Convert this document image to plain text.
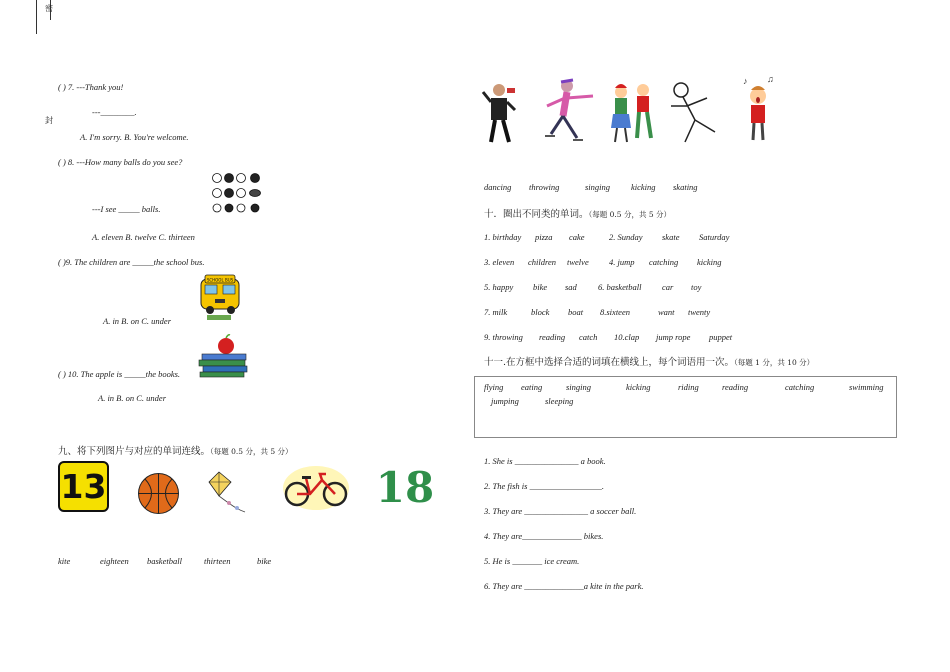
密
封
( ) 7. ---Thank you!
---________.
A. I'm sorry. B. You're welcome.
( ) 8. ---How many balls do you see?
---I see _____ balls.
A. eleven B. twelve C. thirteen
( )9. The children are _____the school bus.
SCHOOL BUS
A. in B. on C. under
( ) 10. The apple is _____the books.
A. in B. on C. under
九、将下列图片与对应的单词连线。（每题 0.5 分，共 5 分）
13	18
kite	eighteen basketball	thirteen	bike
♪ ♫
dancing throwing	singing kicking skating
十．圈出不同类的单词。（每题 0.5 分，共 5 分）
1. birthday pizza cake	2. Sunday skate Saturday
3. eleven children twelve 4. jump catching kicking
5. happy bike sad 6. basketball car toy
7. milk	block boat 8.sixteen	want twenty
9. throwing reading catch 10.clap jump rope puppet
十一.在方框中选择合适的词填在横线上，每个词语用一次。（每题 1 分，共 10 分）
flying eating	singing	kicking	riding	reading	catching	swimming
jumping	sleeping
1. She is _______________ a book.
2. The fish is _________________.
3. They are _______________ a soccer ball.
4. They are______________ bikes.
5. He is _______ ice cream.
6. They are ______________a kite in the park.
